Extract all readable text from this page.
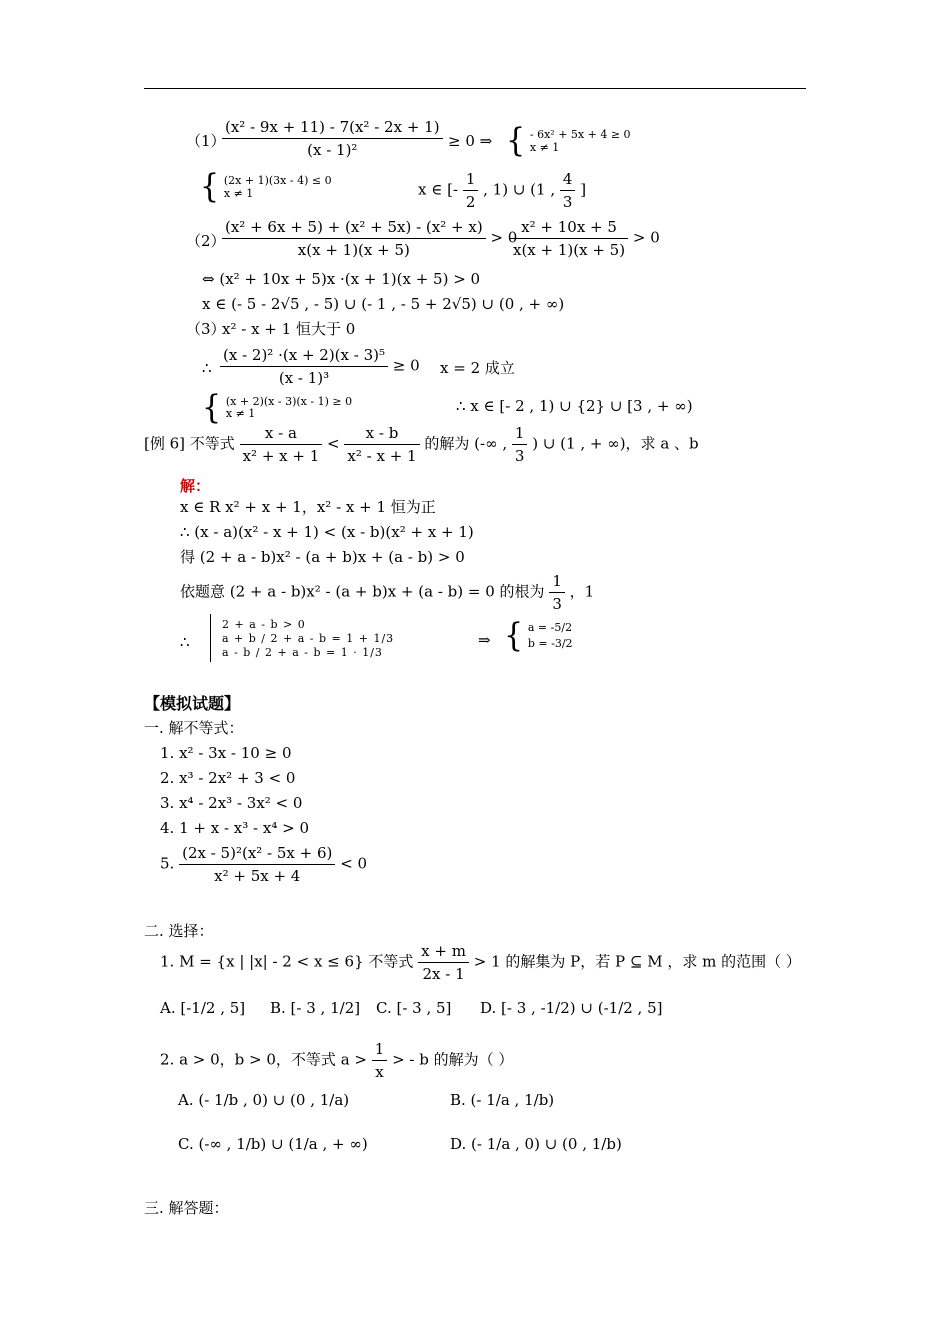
（1）
$\frac{\text{(x² - 9x + 11) - 7(x² - 2x + 1)}}{\text{(x - 1)²}} \ge 0$ ⇒ { - 6x² + 5x + 4 ≥ 0
x ≠ 1
{ (2x + 1)(3x - 4) ≤ 0
x ≠ 1	x ∈ [- $\frac{1}{2}$ , 1) ∪ (1 , $\frac{4}{3}$ ]
（2）
$\frac{\text{(x² + 6x + 5) + (x² + 5x) - (x² + x)}}{x(x + 1)(x + 5)} > 0$
$\frac{\text{x² + 10x + 5}}{x(x + 1)(x + 5)} > 0$
⇔ (x² + 10x + 5)x ·(x + 1)(x + 5) > 0
x ∈ (- 5 - 2√5 , - 5) ∪ (- 1 , - 5 + 2√5) ∪ (0 , + ∞)
（3）
x² - x + 1 恒大于 0
∴ $\frac{\text{(x - 2)² ·(x + 2)(x - 3)⁵}}{\text{(x - 1)³}} \ge 0$ x = 2 成立
{ (x + 2)(x - 3)(x - 1) ≥ 0
x ≠ 1	∴ x ∈ [- 2 , 1) ∪ {2} ∪ [3 , + ∞)
[例 6] 不等式 $\frac{x - a}{\text{x² + x + 1}} < \frac{x - b}{\text{x² - x + 1}}$ 的解为 (-∞ , $\frac{1}{3}$ ) ∪ (1 , + ∞)，求 a 、b
解：
x ∈ R x² + x + 1，x² - x + 1 恒为正
∴ (x - a)(x² - x + 1) < (x - b)(x² + x + 1)
得 (2 + a - b)x² - (a + b)x + (a - b) > 0
依题意 (2 + a - b)x² - (a + b)x + (a - b) = 0 的根为 $\frac{1}{3}$ ，1
∴
2 + a - b > 0
a + b / 2 + a - b = 1 + 1/3
a - b / 2 + a - b = 1 · 1/3
⇒ { a = -5/2
b = -3/2
【模拟试题】
一. 解不等式：
1. x² - 3x - 10 ≥ 0
2. x³ - 2x² + 3 < 0
3. x⁴ - 2x³ - 3x² < 0
4. 1 + x - x³ - x⁴ > 0
5. $\frac{\text{(2x - 5)²(x² - 5x + 6)}}{\text{x² + 5x + 4}} < 0$
二. 选择：
1. M = {x | |x| - 2 < x ≤ 6} 不等式 $\frac{x + m}{2x - 1} > 1$ 的解集为 P，若 P ⊆ M ，求 m 的范围（ ）
A. [-1/2 , 5] B. [- 3 , 1/2] C. [- 3 , 5] D. [- 3 , -1/2) ∪ (-1/2 , 5]
2. a > 0，b > 0，不等式 $a > \frac{1}{x}$ > - b 的解为（ ）
A. (- 1/b , 0) ∪ (0 , 1/a)	B. (- 1/a , 1/b)
C. (-∞ , 1/b) ∪ (1/a , + ∞)	D. (- 1/a , 0) ∪ (0 , 1/b)
三. 解答题：
